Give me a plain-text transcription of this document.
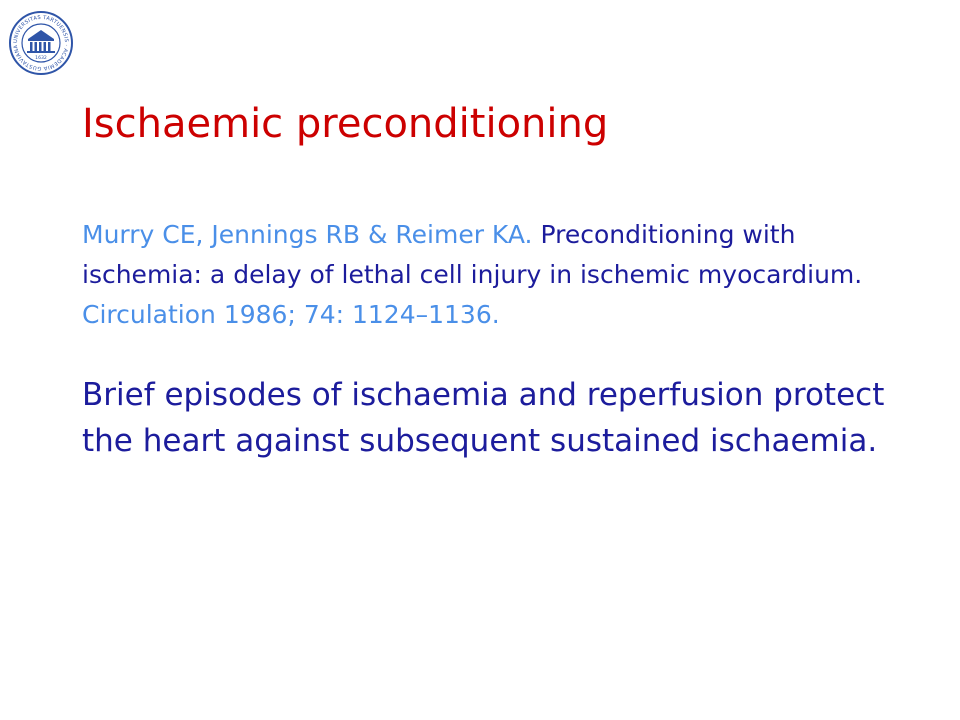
UNIVERSITAS TARTUENSIS · ACADEMIA GUSTAVIANA
1632
Ischaemic preconditioning

Murry CE, Jennings RB & Reimer KA. Preconditioning with ischemia: a delay of lethal cell injury in ischemic myocardium. Circulation 1986; 74: 1124–1136.

Brief episodes of ischaemia and reperfusion protect the heart against subsequent sustained ischaemia.
